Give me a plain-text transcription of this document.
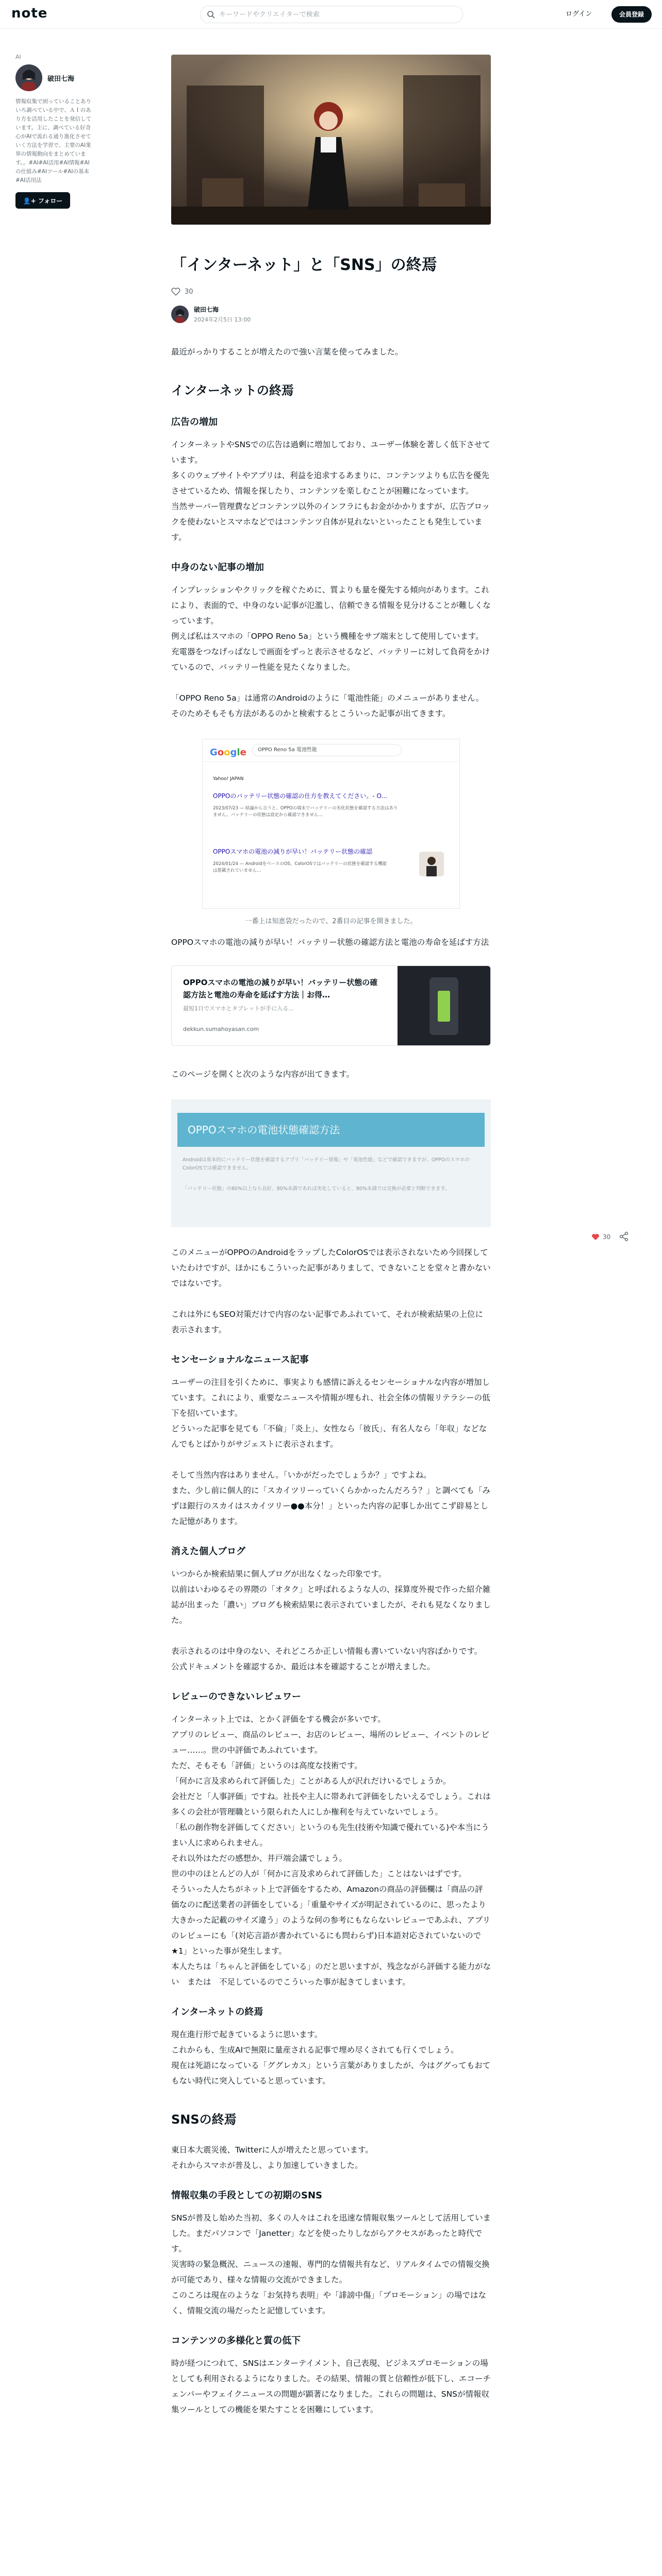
note
キーワードやクリエイターで検索	ログイン	会員登録
AI
破田七海
情報収集で困っていることありいろ調べている中で、ＡＩのあり方を活用したことを発信しています。主に、調べている好奇心がAIで流れる通り進化させていく方法を学習で、主要のAI業界の情報動向をまとめています。。#AI#AI活用#AI情報#AIの仕組み#AIツール#AIの基本#AI活用法
👤+ フォロー
「インターネット」と「SNS」の終焉
30
破田七海
2024年2月5日 13:00

最近がっかりすることが増えたので強い言葉を使ってみました。

インターネットの終焉
広告の増加

インターネットやSNSでの広告は過剰に増加しており、ユーザー体験を著しく低下させています。

多くのウェブサイトやアプリは、利益を追求するあまりに、コンテンツよりも広告を優先させているため、情報を探したり、コンテンツを楽しむことが困難になっています。

当然サーバー管理費などコンテンツ以外のインフラにもお金がかかりますが、広告ブロックを使わないとスマホなどではコンテンツ自体が見れないといったことも発生しています。

中身のない記事の増加

インプレッションやクリックを稼ぐために、質よりも量を優先する傾向があります。これにより、表面的で、中身のない記事が氾濫し、信頼できる情報を見分けることが難しくなっています。

例えば私はスマホの「OPPO Reno 5a」という機種をサブ端末として使用しています。

充電器をつなげっぱなしで画面をずっと表示させるなど、バッテリーに対して負荷をかけているので、バッテリー性能を見たくなりました。

「OPPO Reno 5a」は通常のAndroidのように「電池性能」のメニューがありません。そのためそもそも方法があるのかと検索するとこういった記事が出てきます。

Google	OPPO Reno 5a 電池性能
Yahoo! JAPAN
OPPOのバッテリー状態の確認の仕方を教えてください。- O...
2023/07/23 — 結論から言うと、OPPOの端末でバッテリーの劣化状態を確認する方法はありません。バッテリーの状態は設定から確認できません…
OPPOスマホの電池の減りが早い！バッテリー状態の確認
2024/01/24 — AndroidをベースのOS、ColorOSではバッテリーの状態を確認する機能は搭載されていません…
一番上は知恵袋だったので、2番目の記事を開きました。

OPPOスマホの電池の減りが早い！バッテリー状態の確認方法と電池の寿命を延ばす方法

OPPOスマホの電池の減りが早い！バッテリー状態の確認方法と電池の寿命を延ばす方法｜お得…
最短1日でスマホとタブレットが手に入る...
dekkun.sumahoyasan.com

このページを開くと次のような内容が出てきます。

OPPOスマホの電池状態確認方法
Androidは基本的にバッテリー状態を確認するアプリ「バッテリー情報」や「電池性能」などで確認できますが、OPPOのスマホのColorOSでは確認できません。
「バッテリー状態」の80%以上なら良好、80%未満であれば劣化していると、80%未満では交換が必要と判断できます。

このメニューがOPPOのAndroidをラップしたColorOSでは表示されないため今回探していたわけですが、ほかにもこういった記事がありまして、できないことを堂々と書かないではないです。

これは外にもSEO対策だけで内容のない記事であふれていて、それが検索結果の上位に表示されます。

センセーショナルなニュース記事

ユーザーの注目を引くために、事実よりも感情に訴えるセンセーショナルな内容が増加しています。これにより、重要なニュースや情報が埋もれ、社会全体の情報リテラシーの低下を招いています。

どういった記事を見ても「不倫」「炎上」、女性なら「彼氏」、有名人なら「年収」などなんでもとばかりがサジェストに表示されます。

そして当然内容はありません。「いかがだったでしょうか？」ですよね。

また、少し前に個人的に「スカイツリーっていくらかかったんだろう？」と調べても「みずほ銀行のスカイはスカイツリー●●本分！」といった内容の記事しか出てこず辟易とした記憶があります。

消えた個人ブログ

いつからか検索結果に個人ブログが出なくなった印象です。

以前はいわゆるその界隈の「オタク」と呼ばれるような人の、採算度外視で作った紹介雑誌が出まった「濃い」ブログも検索結果に表示されていましたが、それも見なくなりました。

表示されるのは中身のない、それどころか正しい情報も書いていない内容ばかりです。

公式ドキュメントを確認するか、最近は本を確認することが増えました。

レビューのできないレビュワー

インターネット上では、とかく評価をする機会が多いです。

アプリのレビュー、商品のレビュー、お店のレビュー、場所のレビュー、イベントのレビュー……。世の中評価であふれています。

ただ、そもそも「評価」というのは高度な技術です。

「何かに言及求められて評価した」ことがある人が沢れだけいるでしょうか。

会社だと「人事評価」ですね。社長や主人に帯あれて評価をしたいえるでしょう。これは多くの会社が管理職という限られた人にしか権利を与えていないでしょう。

「私の創作物を評価してください」というのも先生(技術や知識で優れている)や本当にうまい人に求められません。

それ以外はただの感想か、井戸端会議でしょう。

世の中のほとんどの人が「何かに言及求められて評価した」ことはないはずです。

そういった人たちがネット上で評価をするため、Amazonの商品の評価欄は「商品の評価なのに配送業者の評価をしている」「重量やサイズが明記されているのに、思ったより大きかった記載のサイズ違う」のような何の参考にもならないレビューであふれ、アプリのレビューにも「(対応言語が書かれているにも問わらず)日本語対応されていないので★1」といった事が発生します。

本人たちは「ちゃんと評価をしている」のだと思いますが、残念ながら評価する能力がない　または　不足しているのでこういった事が起きてしまいます。

インターネットの終焉

現在進行形で起きているように思います。

これからも、生成AIで無限に量産される記事で埋め尽くされても行くでしょう。

現在は死語になっている「ググレカス」という言葉がありましたが、今はググってもおてもない時代に突入していると思っています。

SNSの終焉

東日本大震災後、Twitterに人が増えたと思っています。

それからスマホが普及し、より加速していきました。

情報収集の手段としての初期のSNS

SNSが普及し始めた当初、多くの人々はこれを迅速な情報収集ツールとして活用していました。まだパソコンで「Janetter」などを使ったりしながらアクセスがあったと時代です。

災害時の緊急概況、ニュースの速報、専門的な情報共有など、リアルタイムでの情報交換が可能であり、様々な情報の交流ができました。

このころは現在のような「お気持ち表明」や「誹謗中傷」「プロモーション」の場ではなく、情報交流の場だったと記憶しています。

コンテンツの多様化と質の低下

時が経つにつれて、SNSはエンターテイメント、自己表現、ビジネスプロモーションの場としても利用されるようになりました。その結果、情報の質と信頼性が低下し、エコーチェンバーやフェイクニュースの問題が顕著になりました。これらの問題は、SNSが情報収集ツールとしての機能を果たすことを困難にしています。

30
